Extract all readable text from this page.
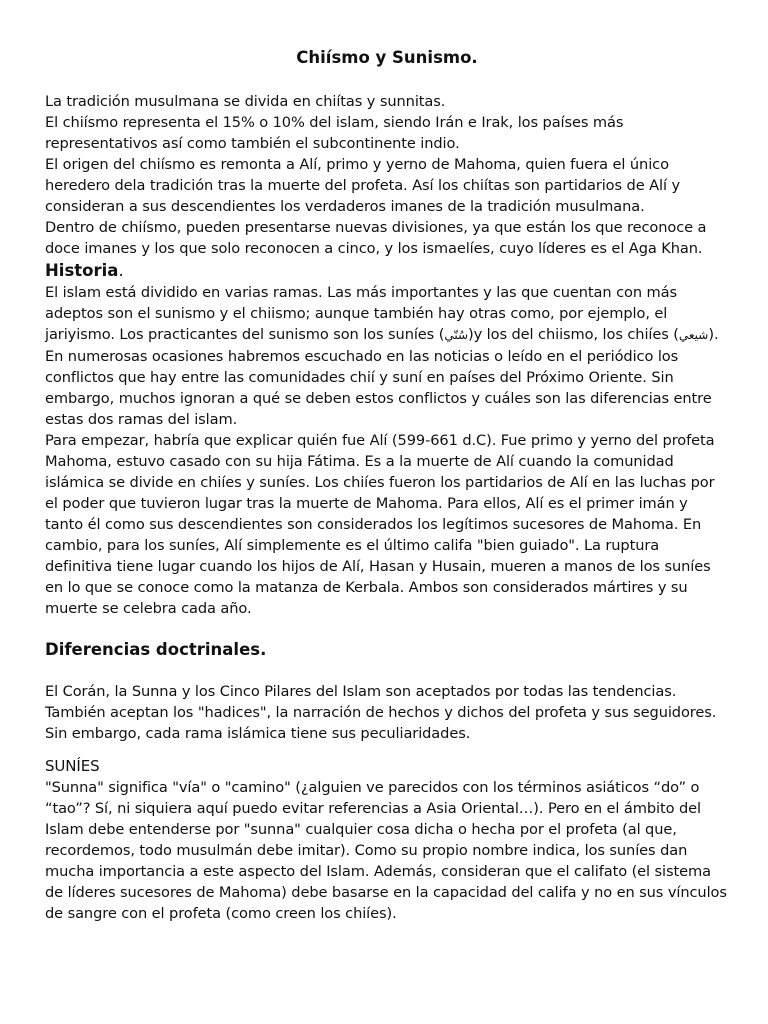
Chiísmo y Sunismo.

La tradición musulmana se divida en chiítas y sunnitas.

El chiísmo representa el 15% o 10% del islam, siendo Irán e Irak, los países más representativos así como también el subcontinente indio.

El origen del chiísmo es remonta a Alí, primo y yerno de Mahoma, quien fuera el único heredero dela tradición tras la muerte del profeta. Así los chiítas son partidarios de Alí y consideran a sus descendientes los verdaderos imanes de la tradición musulmana.

Dentro de chiísmo, pueden presentarse nuevas divisiones, ya que están los que reconoce a doce imanes y los que solo reconocen a cinco, y los ismaelíes, cuyo líderes es el Aga Khan.

Historia.

El islam está dividido en varias ramas. Las más importantes y las que cuentan con más adeptos son el sunismo y el chiismo; aunque también hay otras como, por ejemplo, el jariyismo. Los practicantes del sunismo son los suníes (سُنّي)y los del chiismo, los chiíes (شيعي).

En numerosas ocasiones habremos escuchado en las noticias o leído en el periódico los conflictos que hay entre las comunidades chií y suní en países del Próximo Oriente. Sin embargo, muchos ignoran a qué se deben estos conflictos y cuáles son las diferencias entre estas dos ramas del islam.

Para empezar, habría que explicar quién fue Alí (599-661 d.C). Fue primo y yerno del profeta Mahoma, estuvo casado con su hija Fátima. Es a la muerte de Alí cuando la comunidad islámica se divide en chiíes y suníes. Los chiíes fueron los partidarios de Alí en las luchas por el poder que tuvieron lugar tras la muerte de Mahoma. Para ellos, Alí es el primer imán y tanto él como sus descendientes son considerados los legítimos sucesores de Mahoma. En cambio, para los suníes, Alí simplemente es el último califa "bien guiado". La ruptura definitiva tiene lugar cuando los hijos de Alí, Hasan y Husain, mueren a manos de los suníes en lo que se conoce como la matanza de Kerbala. Ambos son considerados mártires y su muerte se celebra cada año.

Diferencias doctrinales.

El Corán, la Sunna y los Cinco Pilares del Islam son aceptados por todas las tendencias. También aceptan los "hadices", la narración de hechos y dichos del profeta y sus seguidores. Sin embargo, cada rama islámica tiene sus peculiaridades.

SUNÍES

"Sunna" significa "vía" o "camino" (¿alguien ve parecidos con los términos asiáticos “do” o “tao”? Sí, ni siquiera aquí puedo evitar referencias a Asia Oriental…). Pero en el ámbito del Islam debe entenderse por "sunna" cualquier cosa dicha o hecha por el profeta (al que, recordemos, todo musulmán debe imitar). Como su propio nombre indica, los suníes dan mucha importancia a este aspecto del Islam. Además, consideran que el califato (el sistema de líderes sucesores de Mahoma) debe basarse en la capacidad del califa y no en sus vínculos de sangre con el profeta (como creen los chiíes).
